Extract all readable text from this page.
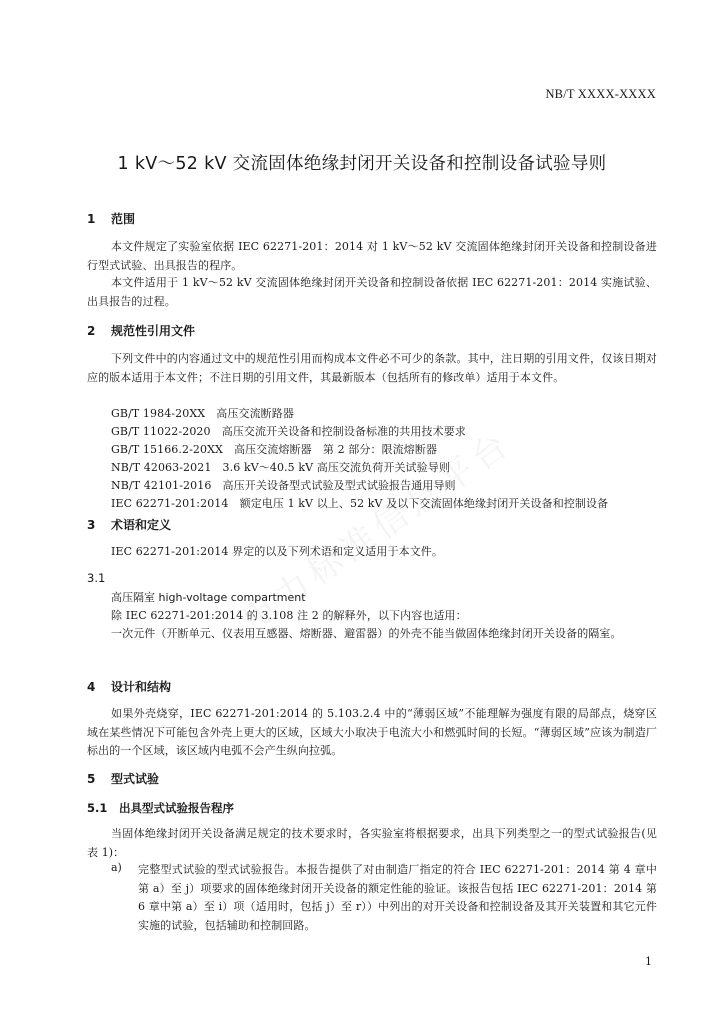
NB/T XXXX-XXXX
1 kV～52 kV 交流固体绝缘封闭开关设备和控制设备试验导则
1 范围
本文件规定了实验室依据 IEC 62271-201：2014 对 1 kV～52 kV 交流固体绝缘封闭开关设备和控制设备进行型式试验、出具报告的程序。
本文件适用于 1 kV～52 kV 交流固体绝缘封闭开关设备和控制设备依据 IEC 62271-201：2014 实施试验、出具报告的过程。
2 规范性引用文件
下列文件中的内容通过文中的规范性引用而构成本文件必不可少的条款。其中，注日期的引用文件，仅该日期对应的版本适用于本文件；不注日期的引用文件，其最新版本（包括所有的修改单）适用于本文件。
GB/T 1984-20XX　高压交流断路器
GB/T 11022-2020　高压交流开关设备和控制设备标准的共用技术要求
GB/T 15166.2-20XX　高压交流熔断器　第 2 部分：限流熔断器
NB/T 42063-2021　3.6 kV～40.5 kV 高压交流负荷开关试验导则
NB/T 42101-2016　高压开关设备型式试验及型式试验报告通用导则
IEC 62271-201:2014　额定电压 1 kV 以上、52 kV 及以下交流固体绝缘封闭开关设备和控制设备
3 术语和定义
IEC 62271-201:2014 界定的以及下列术语和定义适用于本文件。
3.1
高压隔室 high-voltage compartment
除 IEC 62271-201:2014 的 3.108 注 2 的解释外，以下内容也适用：
一次元件（开断单元、仪表用互感器、熔断器、避雷器）的外壳不能当做固体绝缘封闭开关设备的隔室。
4 设计和结构
如果外壳烧穿，IEC 62271-201:2014 的 5.103.2.4 中的“薄弱区域”不能理解为强度有限的局部点，烧穿区域在某些情况下可能包含外壳上更大的区域，区域大小取决于电流大小和燃弧时间的长短。“薄弱区域”应该为制造厂标出的一个区域，该区域内电弧不会产生纵向拉弧。
5 型式试验
5.1 出具型式试验报告程序
当固体绝缘封闭开关设备满足规定的技术要求时，各实验室将根据要求，出具下列类型之一的型式试验报告(见表 1)：
a) 完整型式试验的型式试验报告。本报告提供了对由制造厂指定的符合 IEC 62271-201：2014 第 4 章中第 a）至 j）项要求的固体绝缘封闭开关设备的额定性能的验证。该报告包括 IEC 62271-201：2014 第 6 章中第 a）至 i）项（适用时，包括 j）至 r））中列出的对开关设备和控制设备及其开关装置和其它元件实施的试验，包括辅助和控制回路。
1
